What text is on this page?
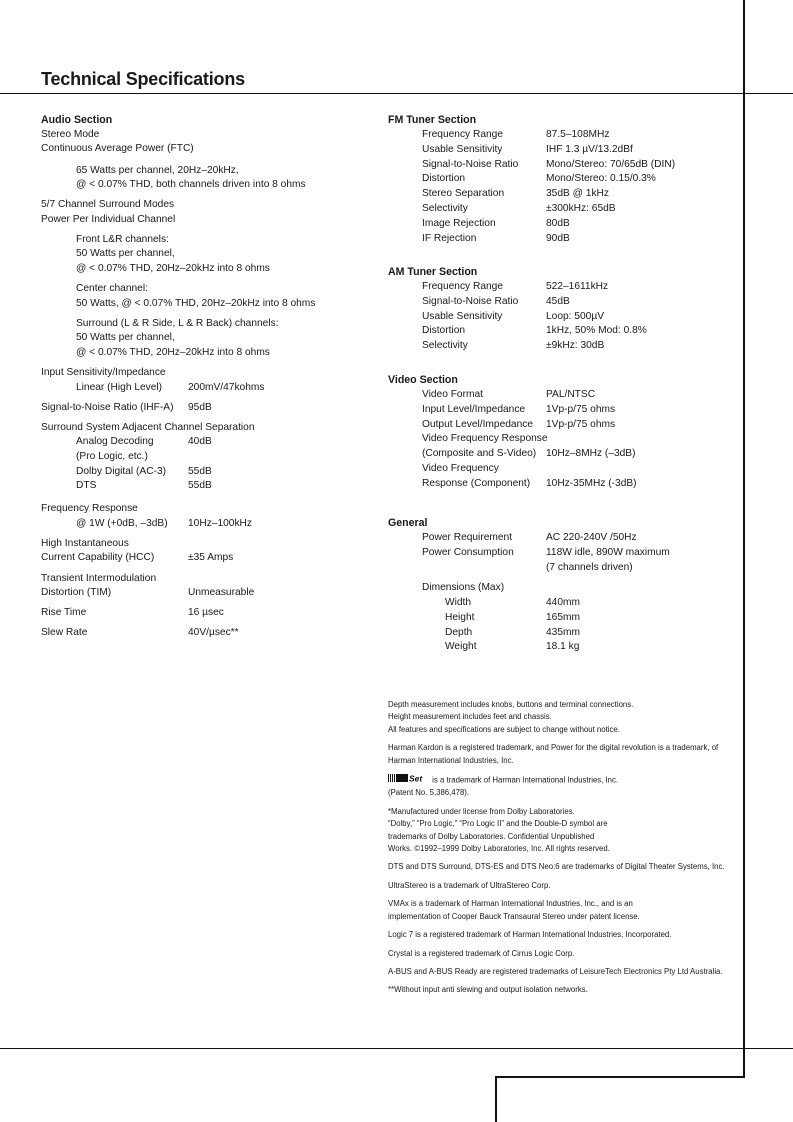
Technical Specifications
Audio Section
Stereo Mode
Continuous Average Power (FTC)
65 Watts per channel, 20Hz–20kHz,
@ < 0.07% THD, both channels driven into 8 ohms
5/7 Channel Surround Modes
Power Per Individual Channel
Front L&R channels:
50 Watts per channel,
@ < 0.07% THD, 20Hz–20kHz into 8 ohms
Center channel:
50 Watts, @ < 0.07% THD, 20Hz–20kHz into 8 ohms
Surround (L & R Side, L & R Back) channels:
50 Watts per channel,
@ < 0.07% THD, 20Hz–20kHz into 8 ohms
Input Sensitivity/Impedance
Linear (High Level)	200mV/47kohms
Signal-to-Noise Ratio (IHF-A) 95dB
Surround System Adjacent Channel Separation
Analog Decoding	40dB
(Pro Logic, etc.)
Dolby Digital (AC-3) 55dB
DTS	55dB
Frequency Response
@ 1W (+0dB, –3dB) 10Hz–100kHz
High Instantaneous
Current Capability (HCC)	±35 Amps
Transient Intermodulation
Distortion (TIM)	Unmeasurable
Rise Time	16 µsec
Slew Rate	40V/µsec**
FM Tuner Section
Frequency Range	87.5–108MHz
Usable Sensitivity	IHF 1.3 µV/13.2dBf
Signal-to-Noise Ratio	Mono/Stereo: 70/65dB (DIN)
Distortion	Mono/Stereo: 0.15/0.3%
Stereo Separation	35dB @ 1kHz
Selectivity	±300kHz: 65dB
Image Rejection	80dB
IF Rejection	90dB
AM Tuner Section
Frequency Range	522–1611kHz
Signal-to-Noise Ratio	45dB
Usable Sensitivity	Loop: 500µV
Distortion	1kHz, 50% Mod: 0.8%
Selectivity	±9kHz: 30dB
Video Section
Video Format	PAL/NTSC
Input Level/Impedance 1Vp-p/75 ohms
Output Level/Impedance 1Vp-p/75 ohms
Video Frequency Response
(Composite and S-Video) 10Hz–8MHz (–3dB)
Video Frequency
Response (Component) 10Hz-35MHz (-3dB)
General
Power Requirement	AC 220-240V /50Hz
Power Consumption	118W idle, 890W maximum
(7 channels driven)
Dimensions (Max)
Width	440mm
Height	165mm
Depth	435mm
Weight	18.1 kg

Depth measurement includes knobs, buttons and terminal connections.

Height measurement includes feet and chassis.

All features and specifications are subject to change without notice.

Harman Kardon is a registered trademark, and Power for the digital revolution is a trademark, of

Harman International Industries, Inc.

Set is a trademark of Harman International Industries, Inc.

(Patent No. 5,386,478).

*Manufactured under license from Dolby Laboratories.

“Dolby,” “Pro Logic,” “Pro Logic II” and the Double-D symbol are

trademarks of Dolby Laboratories. Confidential Unpublished

Works. ©1992–1999 Dolby Laboratories, Inc. All rights reserved.

DTS and DTS Surround, DTS-ES and DTS Neo:6 are trademarks of Digital Theater Systems, Inc.

UltraStereo is a trademark of UltraStereo Corp.

VMAx is a trademark of Harman International Industries, Inc., and is an

implementation of Cooper Bauck Transaural Stereo under patent license.

Logic 7 is a registered trademark of Harman International Industries, Incorporated.

Crystal is a registered trademark of Cirrus Logic Corp.

A-BUS and A-BUS Ready are registered trademarks of LeisureTech Electronics Pty Ltd Australia.

**Without input anti slewing and output isolation networks.
